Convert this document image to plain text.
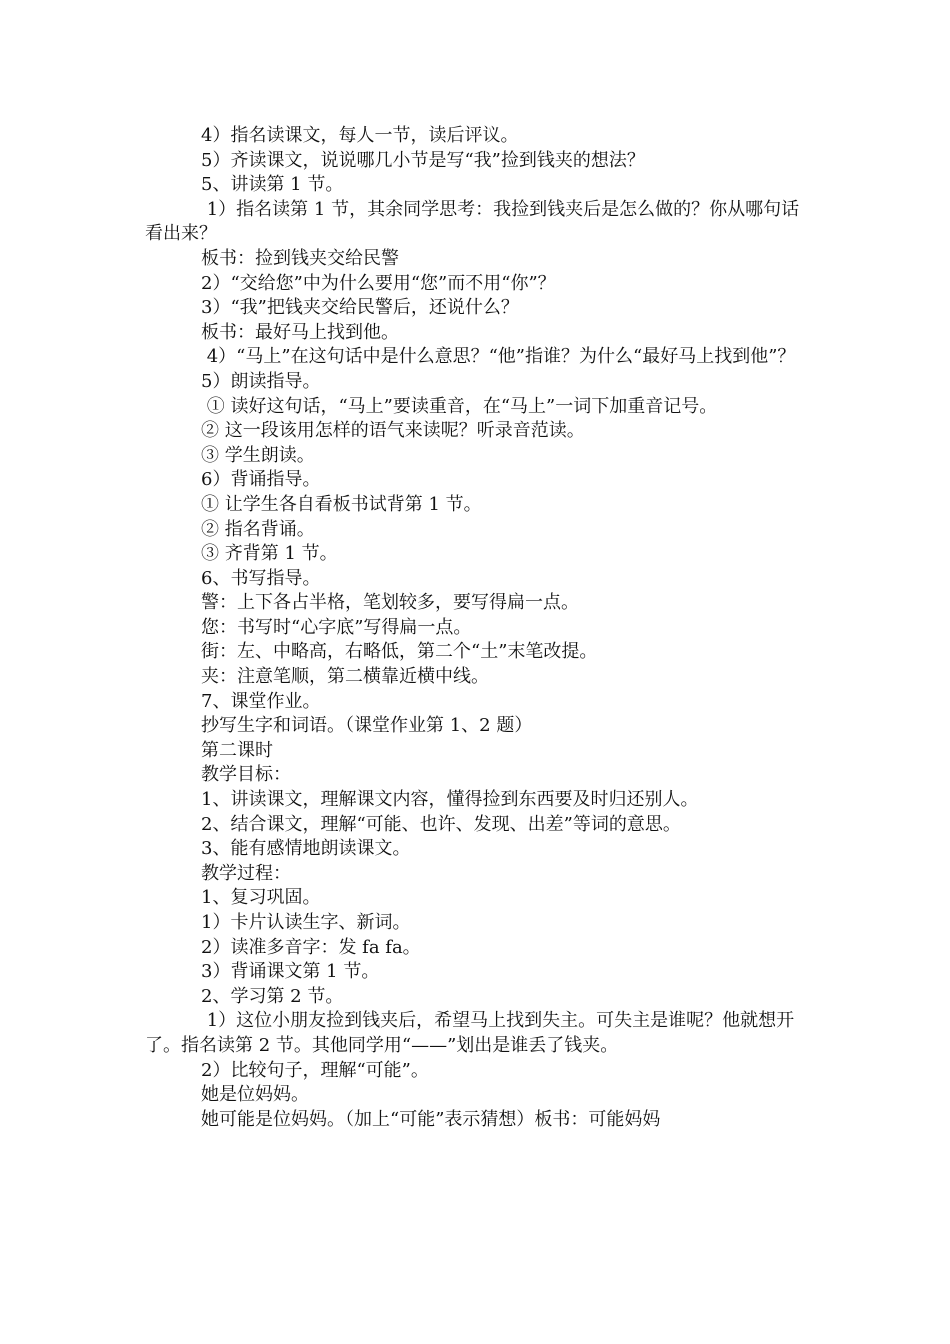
4）指名读课文，每人一节，读后评议。

5）齐读课文，说说哪几小节是写“我”捡到钱夹的想法？

5、讲读第 1 节。

1）指名读第 1 节，其余同学思考：我捡到钱夹后是怎么做的？你从哪句话看出来？

板书：捡到钱夹交给民警

2）“交给您”中为什么要用“您”而不用“你”？

3）“我”把钱夹交给民警后，还说什么？

板书：最好马上找到他。

4）“马上”在这句话中是什么意思？“他”指谁？为什么“最好马上找到他”？

5）朗读指导。

① 读好这句话，“马上”要读重音，在“马上”一词下加重音记号。

② 这一段该用怎样的语气来读呢？听录音范读。

③ 学生朗读。

6）背诵指导。

① 让学生各自看板书试背第 1 节。

② 指名背诵。

③ 齐背第 1 节。

6、书写指导。

警：上下各占半格，笔划较多，要写得扁一点。

您：书写时“心字底”写得扁一点。

街：左、中略高，右略低，第二个“土”末笔改提。

夹：注意笔顺，第二横靠近横中线。

7、课堂作业。

抄写生字和词语。（课堂作业第 1、2 题）

第二课时

教学目标：

1、讲读课文，理解课文内容，懂得捡到东西要及时归还别人。

2、结合课文，理解“可能、也许、发现、出差”等词的意思。

3、能有感情地朗读课文。

教学过程：

1、复习巩固。

1）卡片认读生字、新词。

2）读准多音字：发 fa fa。

3）背诵课文第 1 节。

2、学习第 2 节。

1）这位小朋友捡到钱夹后，希望马上找到失主。可失主是谁呢？他就想开了。指名读第 2 节。其他同学用“——”划出是谁丢了钱夹。

2）比较句子，理解“可能”。

她是位妈妈。

她可能是位妈妈。（加上“可能”表示猜想）板书：可能妈妈
